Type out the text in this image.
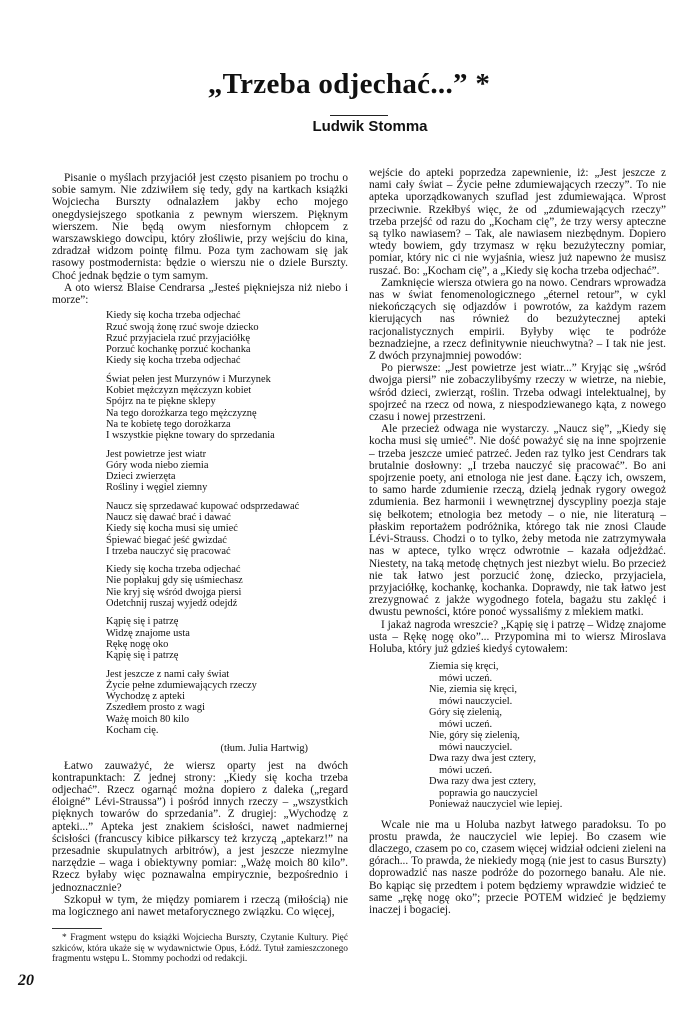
„Trzeba odjechać...” *
Ludwik Stomma

Pisanie o myślach przyjaciół jest często pisaniem po trochu o sobie samym. Nie zdziwiłem się tedy, gdy na kartkach książki Wojciecha Burszty odnalazłem jakby echo mojego onegdysiejszego spotkania z pewnym wierszem. Pięknym wierszem. Nie będą owym niesfornym chłopcem z warszawskiego dowcipu, który złośliwie, przy wejściu do kina, zdradzał widzom pointę filmu. Poza tym zachowam się jak rasowy postmodernista: będzie o wierszu nie o dziele Burszty. Choć jednak będzie o tym samym.

A oto wiersz Blaise Cendrarsa „Jesteś piękniejsza niż niebo i morze”:

Kiedy się kocha trzeba odjechać
Rzuć swoją żonę rzuć swoje dziecko
Rzuć przyjaciela rzuć przyjaciółkę
Porzuć kochankę porzuć kochanka
Kiedy się kocha trzeba odjechać
Świat pełen jest Murzynów i Murzynek
Kobiet mężczyzn mężczyzn kobiet
Spójrz na te piękne sklepy
Na tego dorożkarza tego mężczyznę
Na te kobietę tego dorożkarza
I wszystkie piękne towary do sprzedania
Jest powietrze jest wiatr
Góry woda niebo ziemia
Dzieci zwierzęta
Rośliny i węgiel ziemny
Naucz się sprzedawać kupować odsprzedawać
Naucz się dawać brać i dawać
Kiedy się kocha musi się umieć
Śpiewać biegać jeść gwizdać
I trzeba nauczyć się pracować
Kiedy się kocha trzeba odjechać
Nie popłakuj gdy się uśmiechasz
Nie kryj się wśród dwojga piersi
Odetchnij ruszaj wyjedź odejdź
Kąpię się i patrzę
Widzę znajome usta
Rękę nogę oko
Kąpię się i patrzę
Jest jeszcze z nami cały świat
Życie pełne zdumiewających rzeczy
Wychodzę z apteki
Zszedłem prosto z wagi
Ważę moich 80 kilo
Kocham cię.
(tłum. Julia Hartwig)

Łatwo zauważyć, że wiersz oparty jest na dwóch kontrapunktach: Z jednej strony: „Kiedy się kocha trzeba odjechać”. Rzecz ogarnąć można dopiero z daleka („regard éloigné” Lévi-Straussa”) i pośród innych rzeczy – „wszystkich pięknych towarów do sprzedania”. Z drugiej: „Wychodzę z apteki...” Apteka jest znakiem ścisłości, nawet nadmiernej ścisłości (francuscy kibice piłkarscy też krzyczą „aptekarz!” na przesadnie skupulatnych arbitrów), a jest jeszcze niezmylne narzędzie – waga i obiektywny pomiar: „Ważę moich 80 kilo”. Rzecz byłaby więc poznawalna empirycznie, bezpośrednio i jednoznacznie?

Szkopuł w tym, że między pomiarem i rzeczą (miłością) nie ma logicznego ani nawet metaforycznego związku. Co więcej,

* Fragment wstępu do książki Wojciecha Burszty, Czytanie Kultury. Pięć szkiców, która ukaże się w wydawnictwie Opus, Łódź. Tytuł zamieszczonego fragmentu wstępu L. Stommy pochodzi od redakcji.

wejście do apteki poprzedza zapewnienie, iż: „Jest jeszcze z nami cały świat – Życie pełne zdumiewających rzeczy”. To nie apteka uporządkowanych szuflad jest zdumiewająca. Wprost przeciwnie. Rzekłbyś więc, że od „zdumiewających rzeczy” trzeba przejść od razu do „Kocham cię”, że trzy wersy apteczne są tylko nawiasem? – Tak, ale nawiasem niezbędnym. Dopiero wtedy bowiem, gdy trzymasz w ręku bezużyteczny pomiar, pomiar, który nic ci nie wyjaśnia, wiesz już napewno że musisz ruszać. Bo: „Kocham cię”, a „Kiedy się kocha trzeba odjechać”.

Zamknięcie wiersza otwiera go na nowo. Cendrars wprowadza nas w świat fenomenologicznego „éternel retour”, w cykl niekończących się odjazdów i powrotów, za każdym razem kierujących nas również do bezużytecznej apteki racjonalistycznych empirii. Byłyby więc te podróże beznadziejne, a rzecz definitywnie nieuchwytna? – I tak nie jest. Z dwóch przynajmniej powodów:

Po pierwsze: „Jest powietrze jest wiatr...” Kryjąc się „wśród dwojga piersi” nie zobaczylibyśmy rzeczy w wietrze, na niebie, wśród dzieci, zwierząt, roślin. Trzeba odwagi intelektualnej, by spojrzeć na rzecz od nowa, z niespodziewanego kąta, z nowego czasu i nowej przestrzeni.

Ale przecież odwaga nie wystarczy. „Naucz się”, „Kiedy się kocha musi się umieć”. Nie dość poważyć się na inne spojrzenie – trzeba jeszcze umieć patrzeć. Jeden raz tylko jest Cendrars tak brutalnie dosłowny: „I trzeba nauczyć się pracować”. Bo ani spojrzenie poety, ani etnologa nie jest dane. Łączy ich, owszem, to samo harde zdumienie rzeczą, dzielą jednak rygory owegoż zdumienia. Bez harmonii i wewnętrznej dyscypliny poezja staje się bełkotem; etnologia bez metody – o nie, nie literaturą – płaskim reportażem podróżnika, którego tak nie znosi Claude Lévi-Strauss. Chodzi o to tylko, żeby metoda nie zatrzymywała nas w aptece, tylko wręcz odwrotnie – kazała odjeżdżać. Niestety, na taką metodę chętnych jest niezbyt wielu. Bo przecież nie tak łatwo jest porzucić żonę, dziecko, przyjaciela, przyjaciółkę, kochankę, kochanka. Doprawdy, nie tak łatwo jest zrezygnować z jakże wygodnego fotela, bagażu stu zaklęć i dwustu pewności, które ponoć wyssaliśmy z mlekiem matki.

I jakaż nagroda wreszcie? „Kąpię się i patrzę – Widzę znajome usta – Rękę nogę oko”... Przypomina mi to wiersz Miroslava Holuba, który już gdzieś kiedyś cytowałem:

Ziemia się kręci,
mówi uczeń.
Nie, ziemia się kręci,
mówi nauczyciel.
Góry się zielenią,
mówi uczeń.
Nie, góry się zielenią,
mówi nauczyciel.
Dwa razy dwa jest cztery,
mówi uczeń.
Dwa razy dwa jest cztery,
poprawia go nauczyciel
Ponieważ nauczyciel wie lepiej.

Wcale nie ma u Holuba nazbyt łatwego paradoksu. To po prostu prawda, że nauczyciel wie lepiej. Bo czasem wie dlaczego, czasem po co, czasem więcej widział odcieni zieleni na górach... To prawda, że niekiedy mogą (nie jest to casus Burszty) doprowadzić nas nasze podróże do pozornego banału. Ale nie. Bo kąpiąc się przedtem i potem będziemy wprawdzie widzieć te same „rękę nogę oko”; przecie POTEM widzieć je będziemy inaczej i bogaciej.

20
